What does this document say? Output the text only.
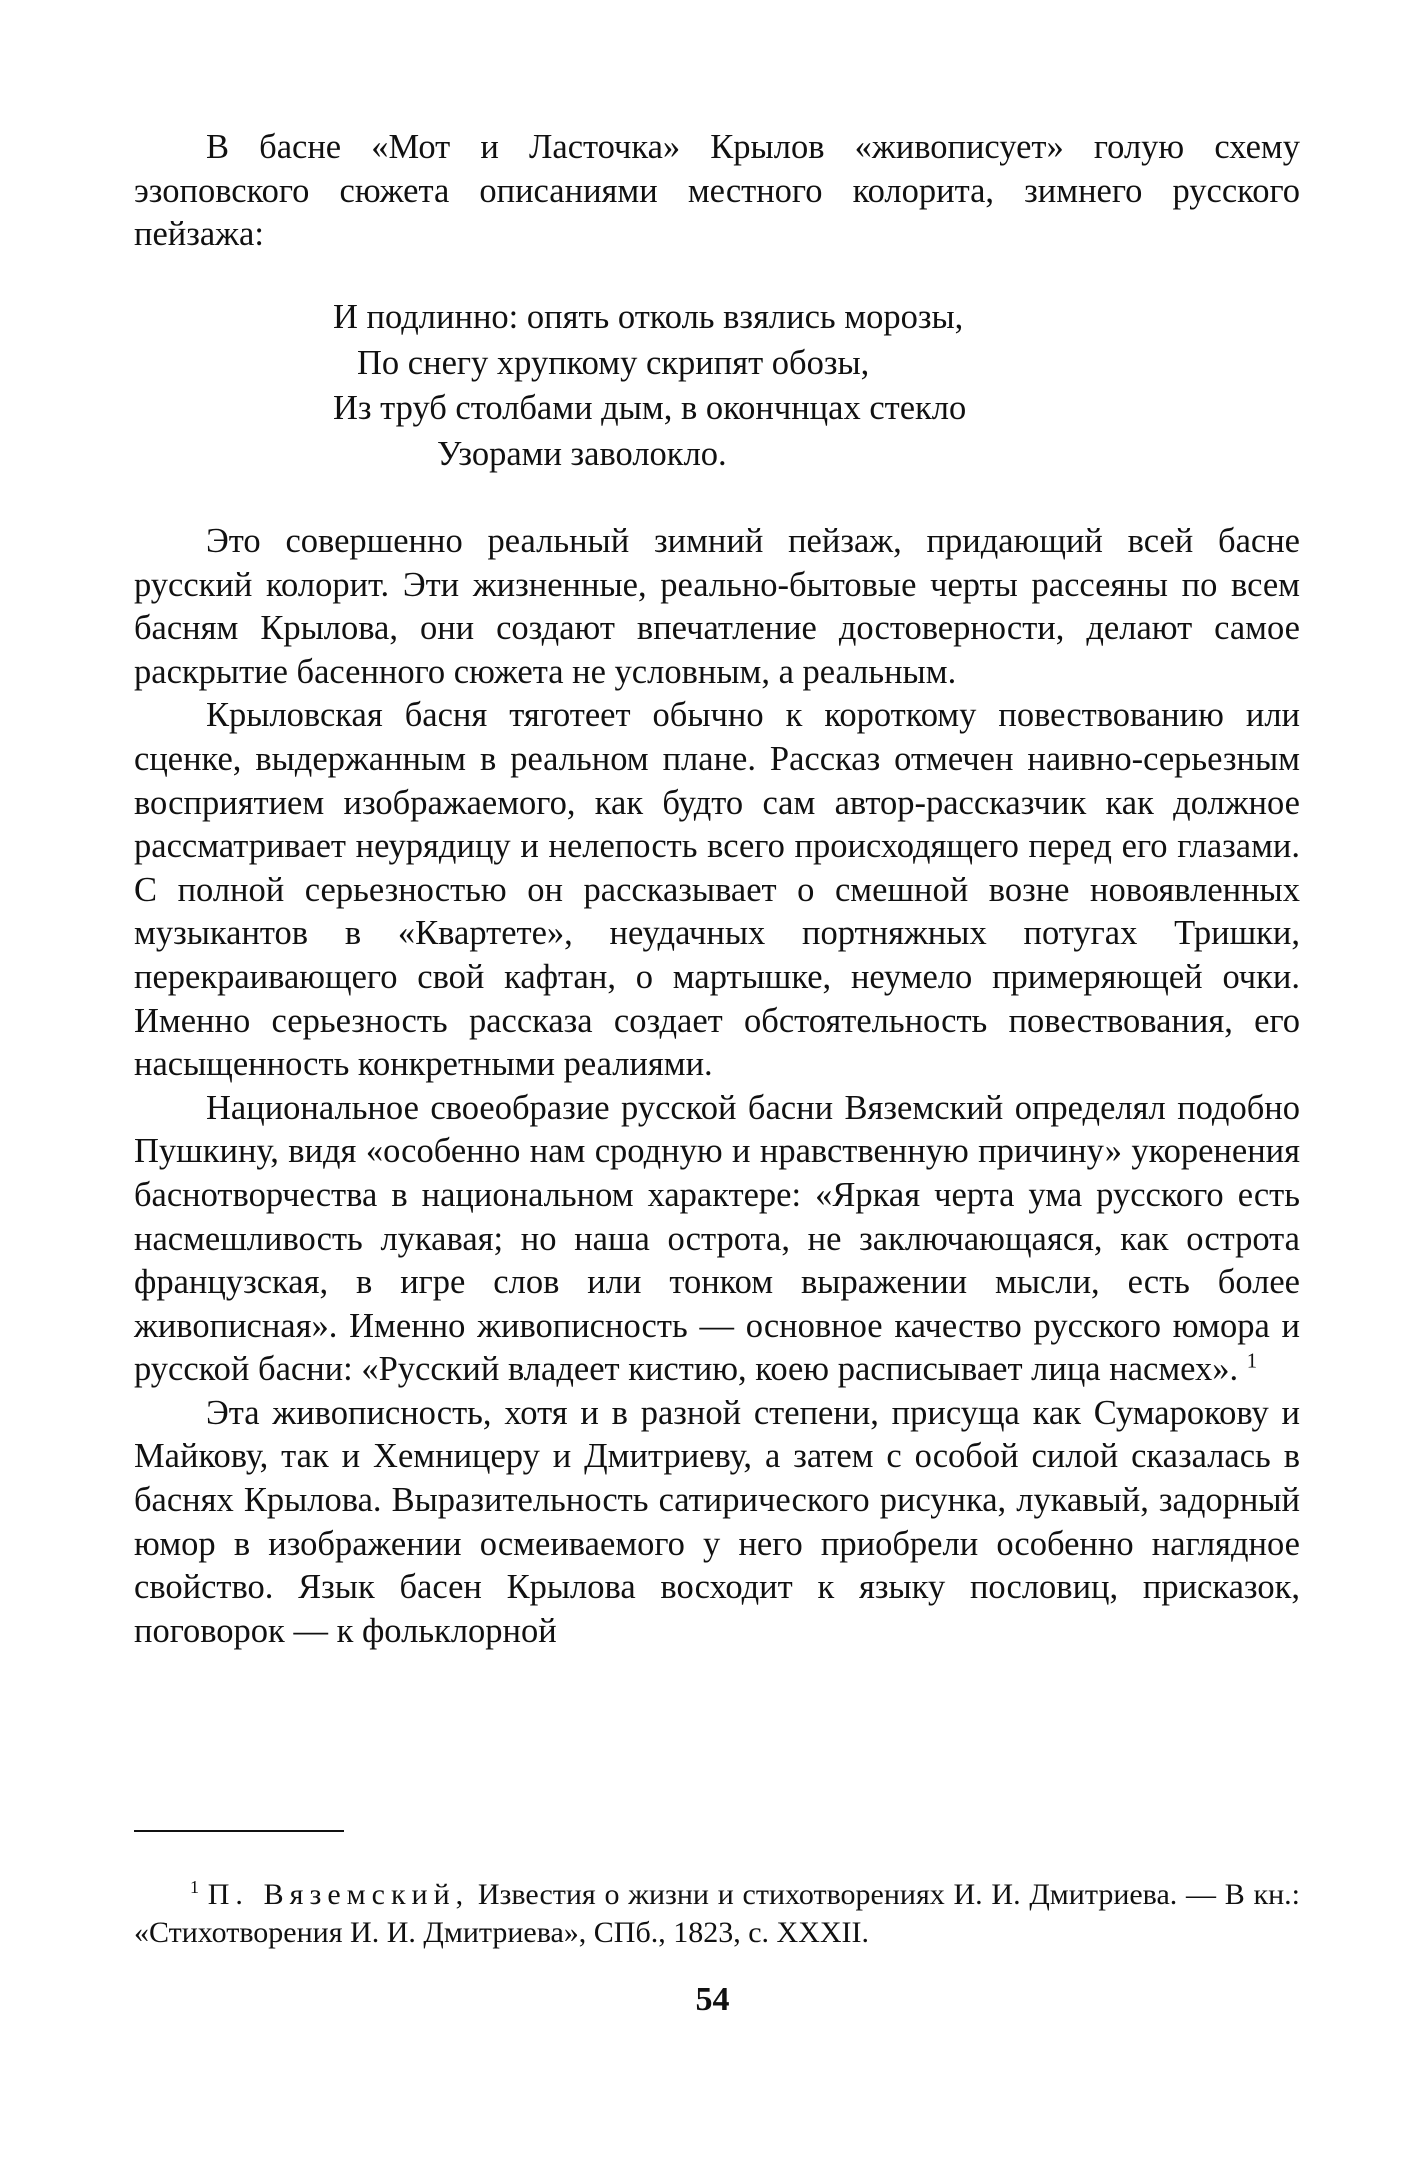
В басне «Мот и Ласточка» Крылов «живописует» голую схему эзоповского сюжета описаниями местного колорита, зимнего русского пейзажа:

И подлинно: опять отколь взялись морозы,
По снегу хрупкому скрипят обозы,
Из труб столбами дым, в окончнцах стекло
Узорами заволокло.

Это совершенно реальный зимний пейзаж, придающий всей басне русский колорит. Эти жизненные, реально-бытовые черты рассеяны по всем басням Крылова, они создают впечатление достоверности, делают самое раскрытие басенного сюжета не условным, а реальным.

Крыловская басня тяготеет обычно к короткому повествованию или сценке, выдержанным в реальном плане. Рассказ отмечен наивно-серьезным восприятием изображаемого, как будто сам автор-рассказчик как должное рассматривает неурядицу и нелепость всего происходящего перед его глазами. С полной серьезностью он рассказывает о смешной возне новоявленных музыкантов в «Квартете», неудачных портняжных потугах Тришки, перекраивающего свой кафтан, о мартышке, неумело примеряющей очки. Именно серьезность рассказа создает обстоятельность повествования, его насыщенность конкретными реалиями.

Национальное своеобразие русской басни Вяземский определял подобно Пушкину, видя «особенно нам сродную и нравственную причину» укоренения баснотворчества в национальном характере: «Яркая черта ума русского есть насмешливость лукавая; но наша острота, не заключающаяся, как острота французская, в игре слов или тонком выражении мысли, есть более живописная». Именно живописность — основное качество русского юмора и русской басни: «Русский владеет кистию, коею расписывает лица насмех». $^1$

Эта живописность, хотя и в разной степени, присуща как Сумарокову и Майкову, так и Хемницеру и Дмитриеву, а затем с особой силой сказалась в баснях Крылова. Выразительность сатирического рисунка, лукавый, задорный юмор в изображении осмеиваемого у него приобрели особенно наглядное свойство. Язык басен Крылова восходит к языку пословиц, присказок, поговорок — к фольклорной

$^1$ П. Вяземский, Известия о жизни и стихотворениях И. И. Дмитриева. — В кн.: «Стихотворения И. И. Дмитриева», СПб., 1823, с. XXXII.

54
